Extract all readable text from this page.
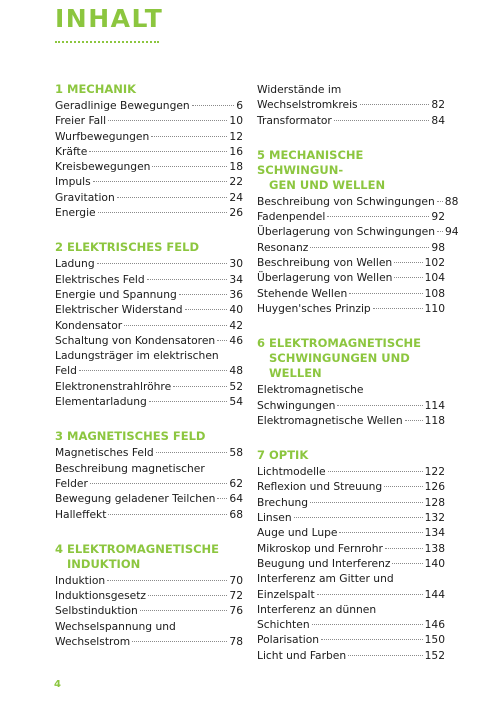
INHALT
1 MECHANIK
Geradlinige Bewegungen	6
Freier Fall	10
Wurfbewegungen	12
Kräfte	16
Kreisbewegungen	18
Impuls	22
Gravitation	24
Energie	26
2 ELEKTRISCHES FELD
Ladung	30
Elektrisches Feld	34
Energie und Spannung	36
Elektrischer Widerstand	40
Kondensator	42
Schaltung von Kondensatoren 46
Ladungsträger im elektrischen
Feld	48
Elektronenstrahlröhre	52
Elementarladung	54
3 MAGNETISCHES FELD
Magnetisches Feld	58
Beschreibung magnetischer
Felder	62
Bewegung geladener Teilchen 64
Halleffekt	68
4 ELEKTROMAGNETISCHE
INDUKTION
Induktion	70
Induktionsgesetz	72
Selbstinduktion	76
Wechselspannung und
Wechselstrom	78
Widerstände im
Wechselstromkreis	82
Transformator	84
5 MECHANISCHE SCHWINGUN-
GEN UND WELLEN
Beschreibung von Schwingungen 88
Fadenpendel	92
Überlagerung von Schwingungen 94
Resonanz	98
Beschreibung von Wellen	102
Überlagerung von Wellen	104
Stehende Wellen	108
Huygen'sches Prinzip	110
6 ELEKTROMAGNETISCHE
SCHWINGUNGEN UND
WELLEN
Elektromagnetische
Schwingungen	114
Elektromagnetische Wellen 118
7 OPTIK
Lichtmodelle	122
Reflexion und Streuung	126
Brechung	128
Linsen	132
Auge und Lupe	134
Mikroskop und Fernrohr	138
Beugung und Interferenz	140
Interferenz am Gitter und
Einzelspalt	144
Interferenz an dünnen
Schichten	146
Polarisation	150
Licht und Farben	152
4
